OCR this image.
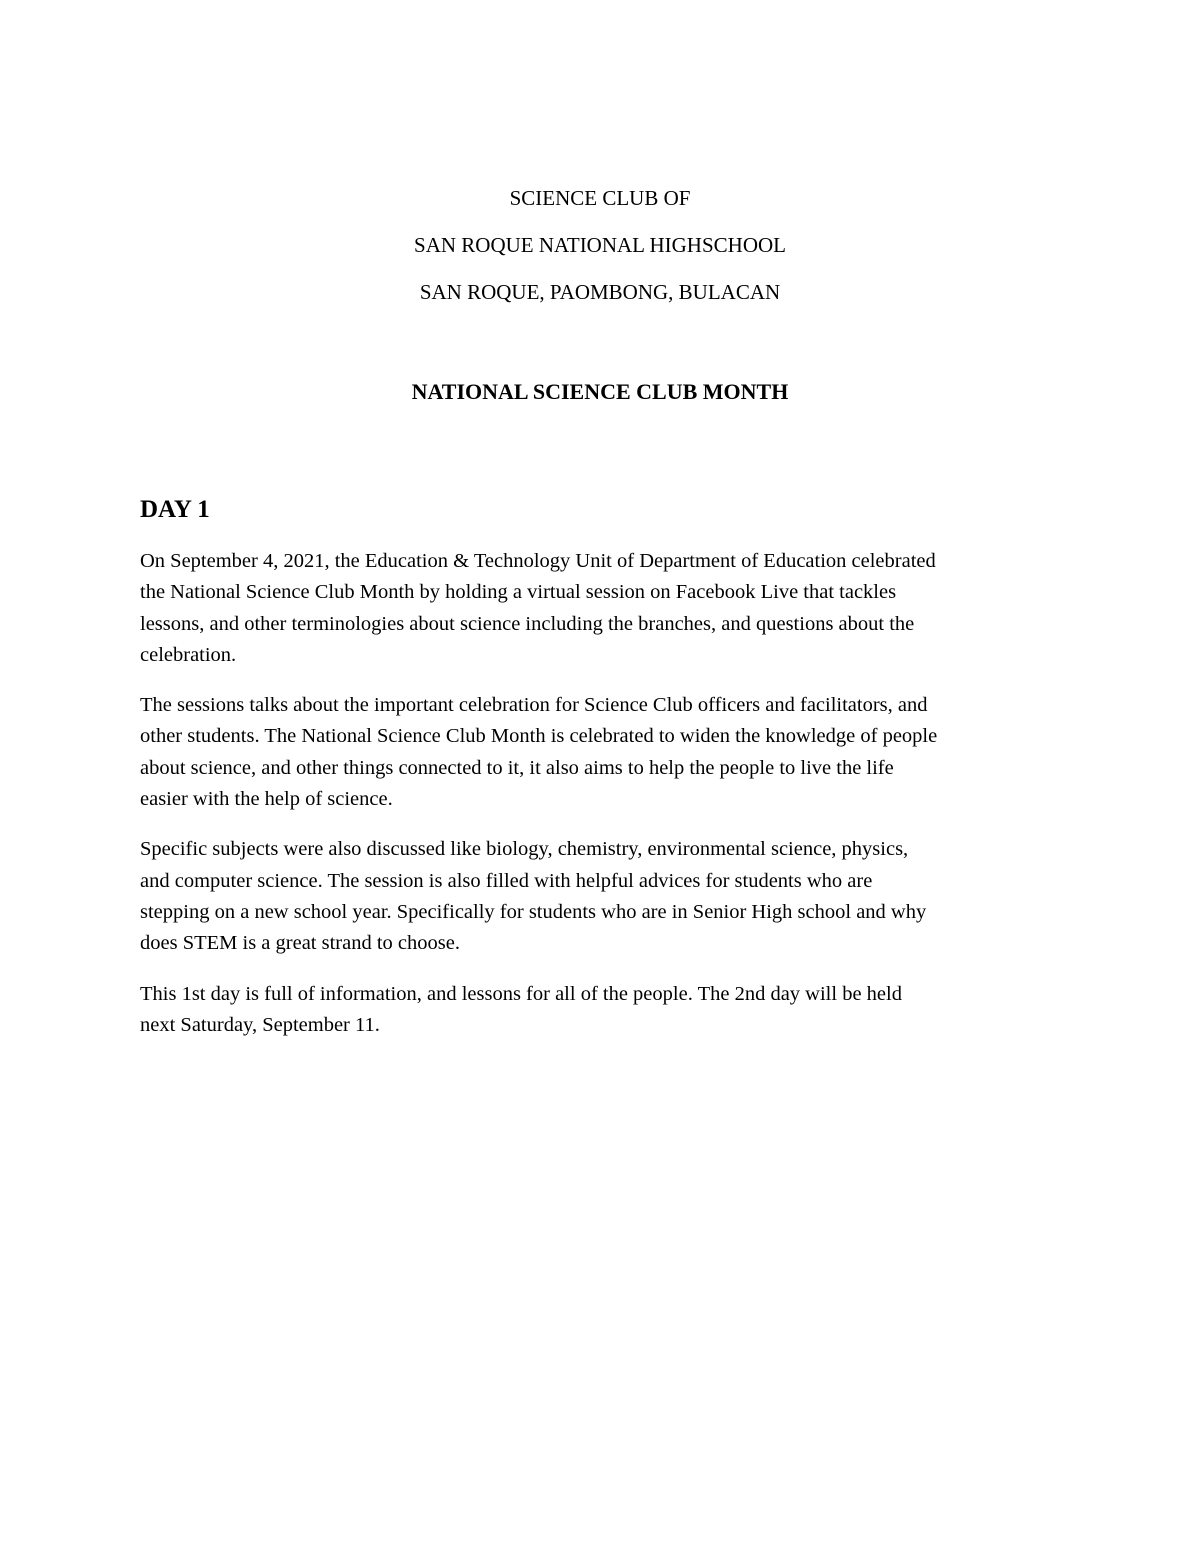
SCIENCE CLUB OF
SAN ROQUE NATIONAL HIGHSCHOOL
SAN ROQUE, PAOMBONG, BULACAN
NATIONAL SCIENCE CLUB MONTH
DAY 1

On September 4, 2021, the Education & Technology Unit of Department of Education celebrated
the National Science Club Month by holding a virtual session on Facebook Live that tackles
lessons, and other terminologies about science including the branches, and questions about the
celebration.

The sessions talks about the important celebration for Science Club officers and facilitators, and
other students. The National Science Club Month is celebrated to widen the knowledge of people
about science, and other things connected to it, it also aims to help the people to live the life
easier with the help of science.

Specific subjects were also discussed like biology, chemistry, environmental science, physics,
and computer science. The session is also filled with helpful advices for students who are
stepping on a new school year. Specifically for students who are in Senior High school and why
does STEM is a great strand to choose.

This 1st day is full of information, and lessons for all of the people. The 2nd day will be held
next Saturday, September 11.
